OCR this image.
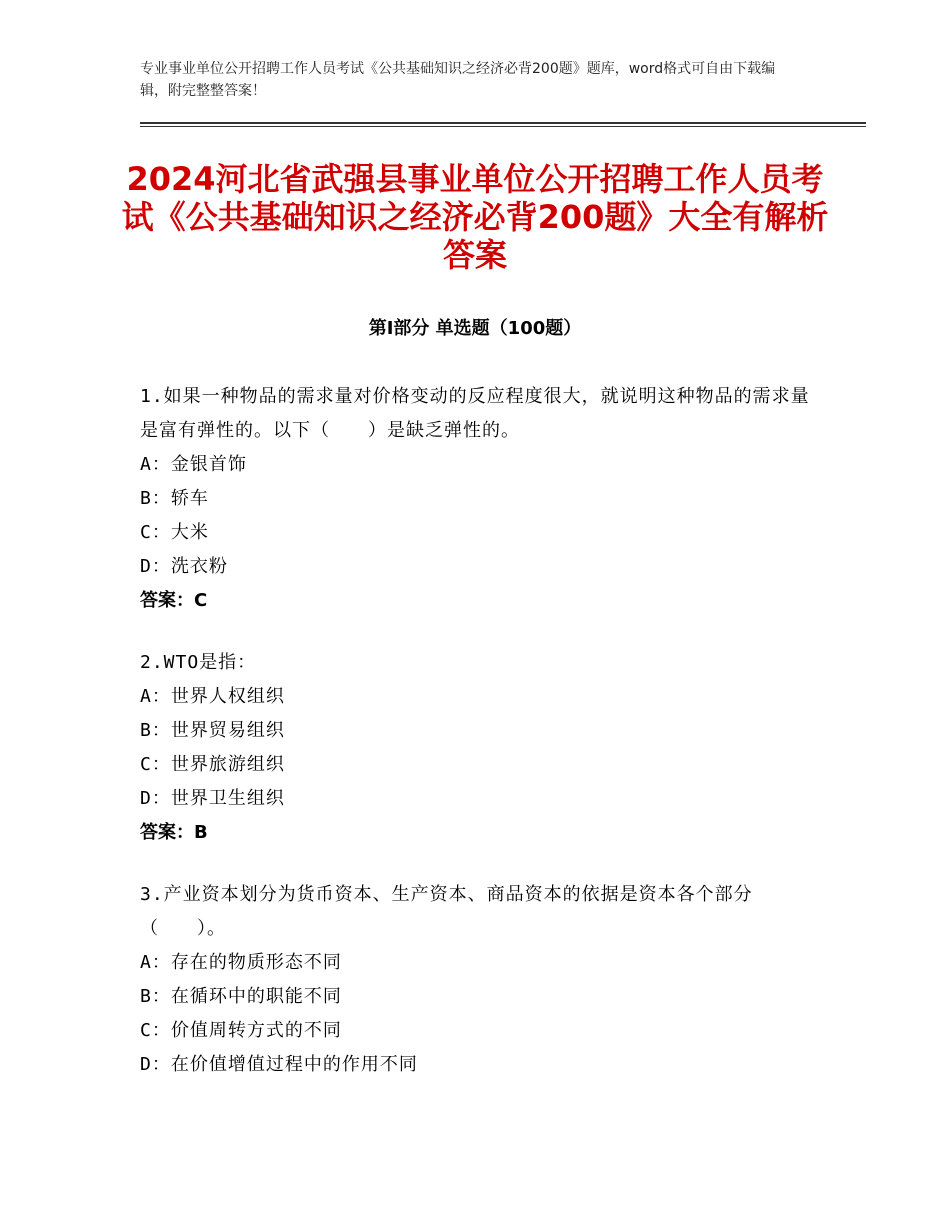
专业事业单位公开招聘工作人员考试《公共基础知识之经济必背200题》题库，word格式可自由下载编辑，附完整整答案！
2024河北省武强县事业单位公开招聘工作人员考试《公共基础知识之经济必背200题》大全有解析答案
第Ⅰ部分 单选题（100题）
1.如果一种物品的需求量对价格变动的反应程度很大，就说明这种物品的需求量是富有弹性的。以下（　　）是缺乏弹性的。
A：金银首饰
B：轿车
C：大米
D：洗衣粉
答案：C
2.WTO是指：
A：世界人权组织
B：世界贸易组织
C：世界旅游组织
D：世界卫生组织
答案：B
3.产业资本划分为货币资本、生产资本、商品资本的依据是资本各个部分（　　）。
A：存在的物质形态不同
B：在循环中的职能不同
C：价值周转方式的不同
D：在价值增值过程中的作用不同
